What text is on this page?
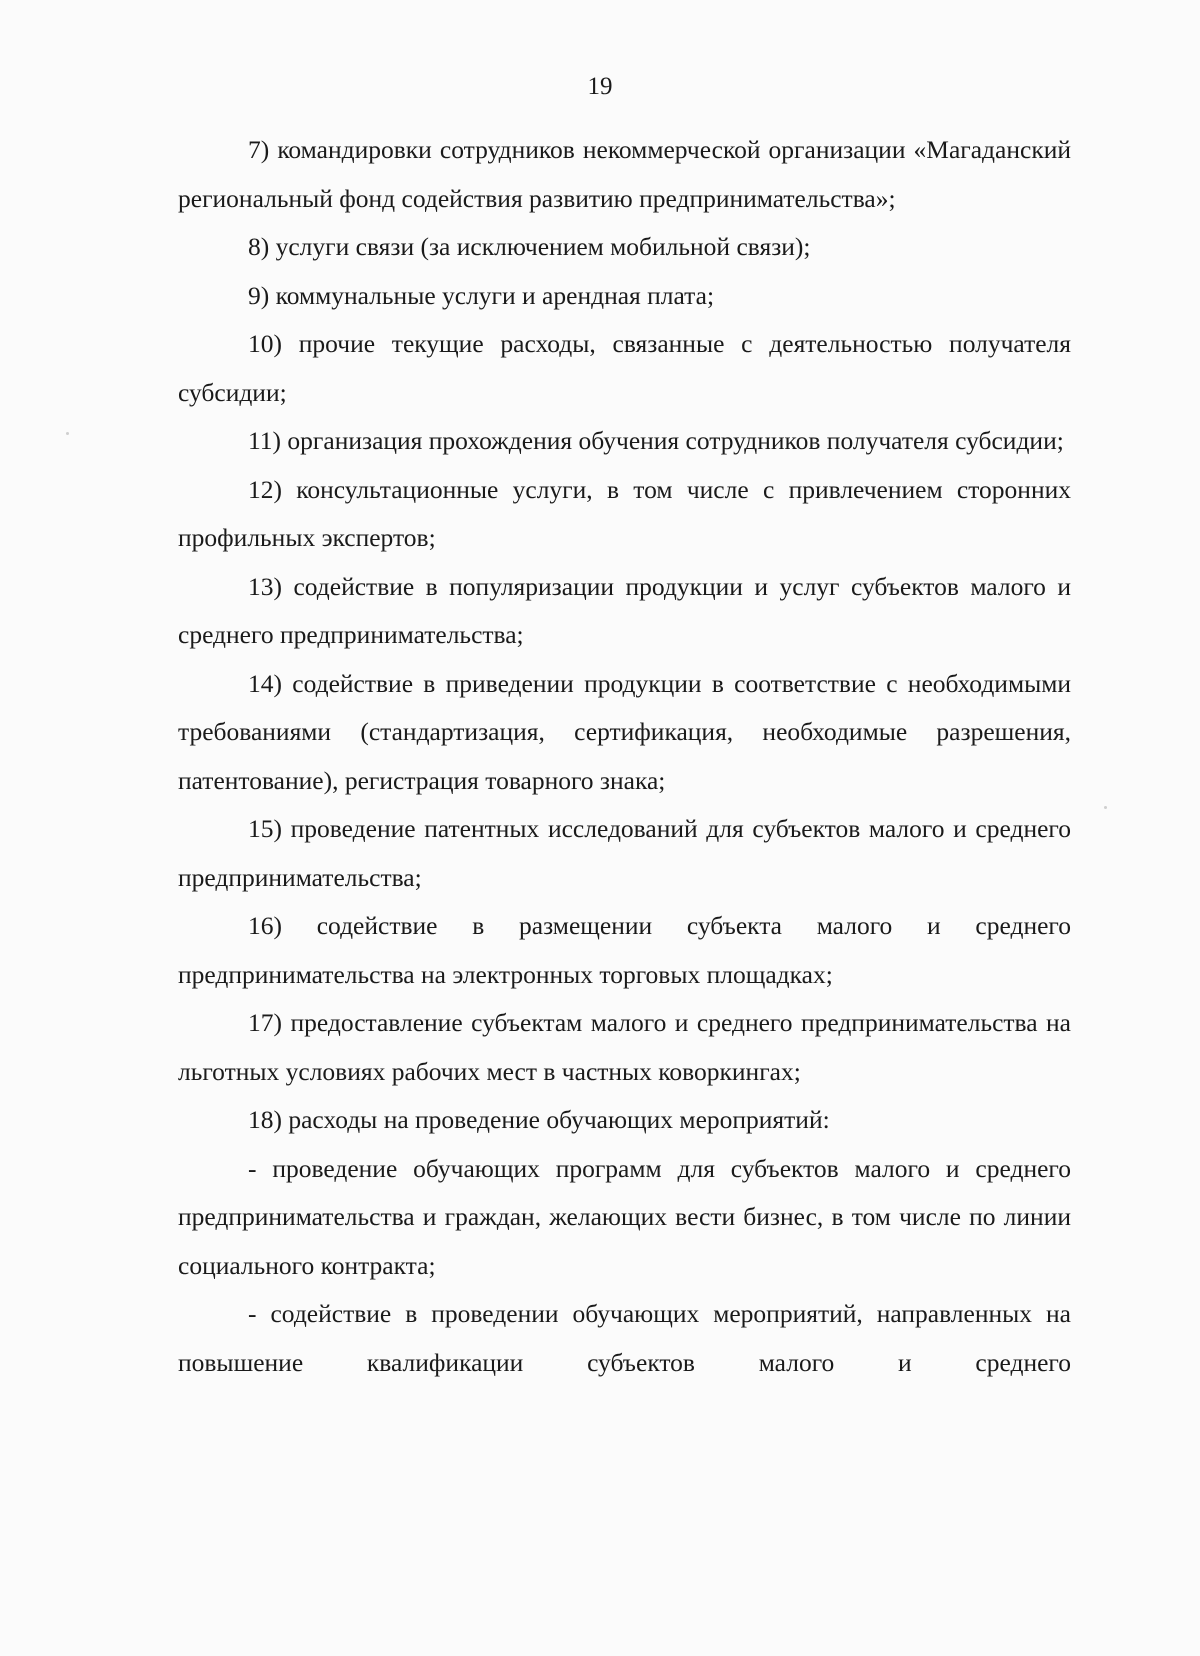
19

7) командировки сотрудников некоммерческой организации «Магаданский региональный фонд содействия развитию предпринимательства»;

8) услуги связи (за исключением мобильной связи);

9) коммунальные услуги и арендная плата;

10) прочие текущие расходы, связанные с деятельностью получателя субсидии;

11) организация прохождения обучения сотрудников получателя субсидии;

12) консультационные услуги, в том числе с привлечением сторонних профильных экспертов;

13) содействие в популяризации продукции и услуг субъектов малого и среднего предпринимательства;

14) содействие в приведении продукции в соответствие с необходимыми требованиями (стандартизация, сертификация, необходимые разрешения, патентование), регистрация товарного знака;

15) проведение патентных исследований для субъектов малого и среднего предпринимательства;

16) содействие в размещении субъекта малого и среднего предпринимательства на электронных торговых площадках;

17) предоставление субъектам малого и среднего предпринимательства на льготных условиях рабочих мест в частных коворкингах;

18) расходы на проведение обучающих мероприятий:

- проведение обучающих программ для субъектов малого и среднего предпринимательства и граждан, желающих вести бизнес, в том числе по линии социального контракта;

- содействие в проведении обучающих мероприятий, направленных на повышение квалификации субъектов малого и среднего
